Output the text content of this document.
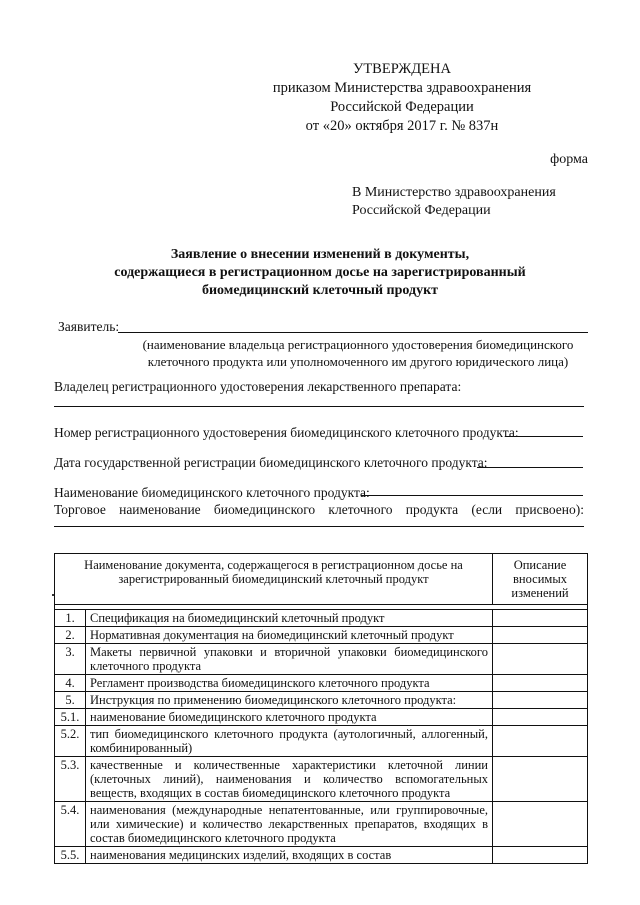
УТВЕРЖДЕНА
приказом Министерства здравоохранения
Российской Федерации
от «20» октября 2017 г. № 837н
форма
В Министерство здравоохранения
Российской Федерации
Заявление о внесении изменений в документы,
содержащиеся в регистрационном досье на зарегистрированный
биомедицинский клеточный продукт
Заявитель:
(наименование владельца регистрационного удостоверения биомедицинского
клеточного продукта или уполномоченного им другого юридического лица)
Владелец регистрационного удостоверения лекарственного препарата:
Номер регистрационного удостоверения биомедицинского клеточного продукта:
Дата государственной регистрации биомедицинского клеточного продукта:
Наименование биомедицинского клеточного продукта:
Торговое наименование биомедицинского клеточного продукта (если присвоено):
Наименование документа, содержащегося в регистрационном досье на зарегистрированный биомедицинский клеточный продукт		Описание вносимых изменений

1.	Спецификация на биомедицинский клеточный продукт	
2.	Нормативная документация на биомедицинский клеточный продукт	
3.	Макеты первичной упаковки и вторичной упаковки биомедицинского клеточного продукта	
4.	Регламент производства биомедицинского клеточного продукта	
5.	Инструкция по применению биомедицинского клеточного продукта:	
5.1.	наименование биомедицинского клеточного продукта	
5.2.	тип биомедицинского клеточного продукта (аутологичный, аллогенный, комбинированный)	
5.3.	качественные и количественные характеристики клеточной линии (клеточных линий), наименования и количество вспомогательных веществ, входящих в состав биомедицинского клеточного продукта	
5.4.	наименования (международные непатентованные, или группировочные, или химические) и количество лекарственных препаратов, входящих в состав биомедицинского клеточного продукта	
5.5.	наименования медицинских изделий, входящих в состав	
